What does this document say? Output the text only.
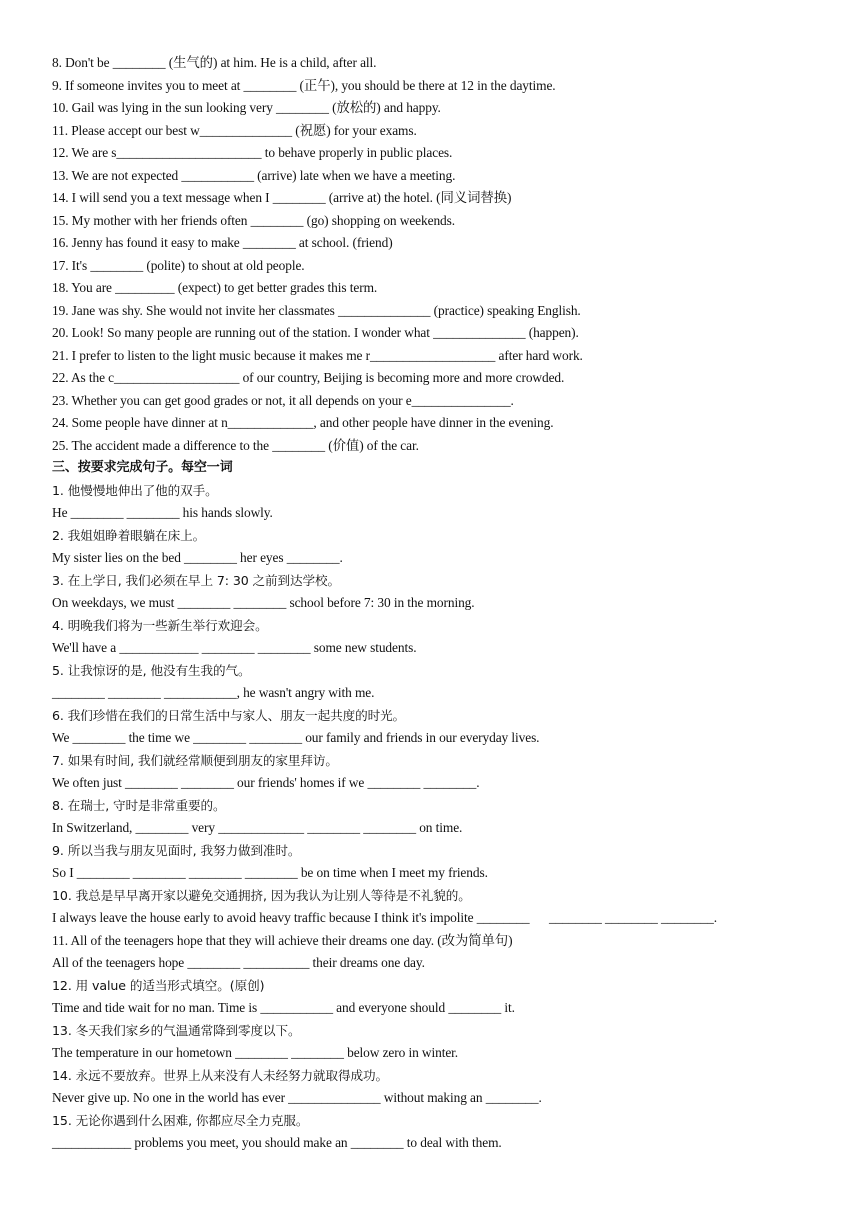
8. Don't be ________ (生气的) at him. He is a child, after all.
9. If someone invites you to meet at ________ (正午), you should be there at 12 in the daytime.
10. Gail was lying in the sun looking very ________ (放松的) and happy.
11. Please accept our best w______________ (祝愿) for your exams.
12. We are s______________________ to behave properly in public places.
13. We are not expected ___________ (arrive) late when we have a meeting.
14. I will send you a text message when I ________ (arrive at) the hotel. (同义词替换)
15. My mother with her friends often ________ (go) shopping on weekends.
16. Jenny has found it easy to make ________ at school. (friend)
17. It's ________ (polite) to shout at old people.
18. You are _________ (expect) to get better grades this term.
19. Jane was shy. She would not invite her classmates ______________ (practice) speaking English.
20. Look! So many people are running out of the station. I wonder what ______________ (happen).
21. I prefer to listen to the light music because it makes me r___________________ after hard work.
22. As the c___________________ of our country, Beijing is becoming more and more crowded.
23. Whether you can get good grades or not, it all depends on your e_______________.
24. Some people have dinner at n_____________, and other people have dinner in the evening.
25. The accident made a difference to the ________ (价值) of the car.
三、按要求完成句子。每空一词
1. 他慢慢地伸出了他的双手。
He ________ ________ his hands slowly.
2. 我姐姐睁着眼躺在床上。
My sister lies on the bed ________ her eyes ________.
3. 在上学日, 我们必须在早上 7: 30 之前到达学校。
On weekdays, we must ________ ________ school before 7: 30 in the morning.
4. 明晚我们将为一些新生举行欢迎会。
We'll have a ____________ ________ ________ some new students.
5. 让我惊讶的是, 他没有生我的气。
________ ________ ___________, he wasn't angry with me.
6. 我们珍惜在我们的日常生活中与家人、朋友一起共度的时光。
We ________ the time we ________ ________ our family and friends in our everyday lives.
7. 如果有时间, 我们就经常顺便到朋友的家里拜访。
We often just ________ ________ our friends' homes if we ________ ________.
8. 在瑞士, 守时是非常重要的。
In Switzerland, ________ very _____________ ________ ________ on time.
9. 所以当我与朋友见面时, 我努力做到准时。
So I ________ ________ ________ ________ be on time when I meet my friends.
10. 我总是早早离开家以避免交通拥挤, 因为我认为让别人等待是不礼貌的。
I always leave the house early to avoid heavy traffic because I think it's impolite ________      ________ ________ ________.
11. All of the teenagers hope that they will achieve their dreams one day. (改为简单句)
All of the teenagers hope ________ __________ their dreams one day.
12. 用 value 的适当形式填空。(原创)
Time and tide wait for no man. Time is ___________ and everyone should ________ it.
13. 冬天我们家乡的气温通常降到零度以下。
The temperature in our hometown ________ ________ below zero in winter.
14. 永远不要放弃。世界上从来没有人未经努力就取得成功。
Never give up. No one in the world has ever ______________ without making an ________.
15. 无论你遇到什么困难, 你都应尽全力克服。
____________ problems you meet, you should make an ________ to deal with them.
